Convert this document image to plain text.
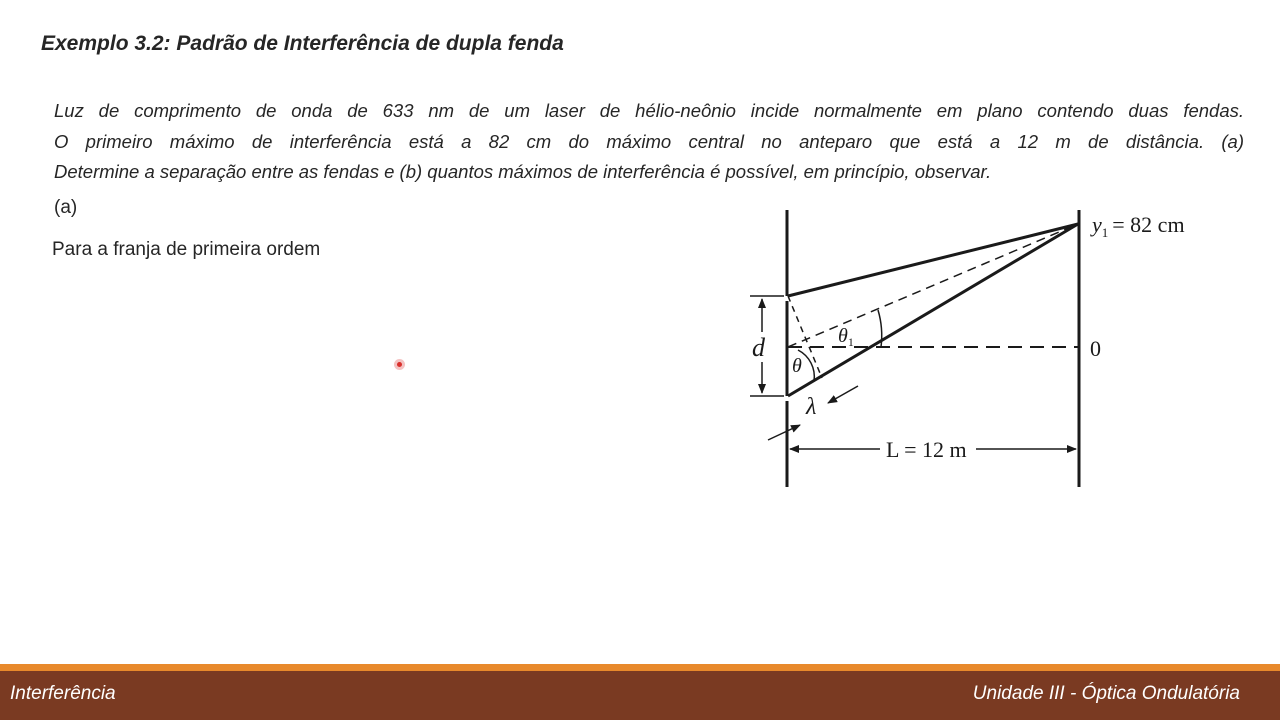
Exemplo 3.2: Padrão de Interferência de dupla fenda
Luz de comprimento de onda de 633 nm de um laser de hélio-neônio incide normalmente em plano contendo duas fendas.
O primeiro máximo de interferência está a 82 cm do máximo central no anteparo que está a 12 m de distância. (a)
Determine a separação entre as fendas e (b) quantos máximos de interferência é possível, em princípio, observar.
(a)
Para a franja de primeira ordem
$y_1 = 82$ cm
0
d	$\theta_1$
θ
λ
L = 12 m
Interferência	Unidade III - Óptica Ondulatória
